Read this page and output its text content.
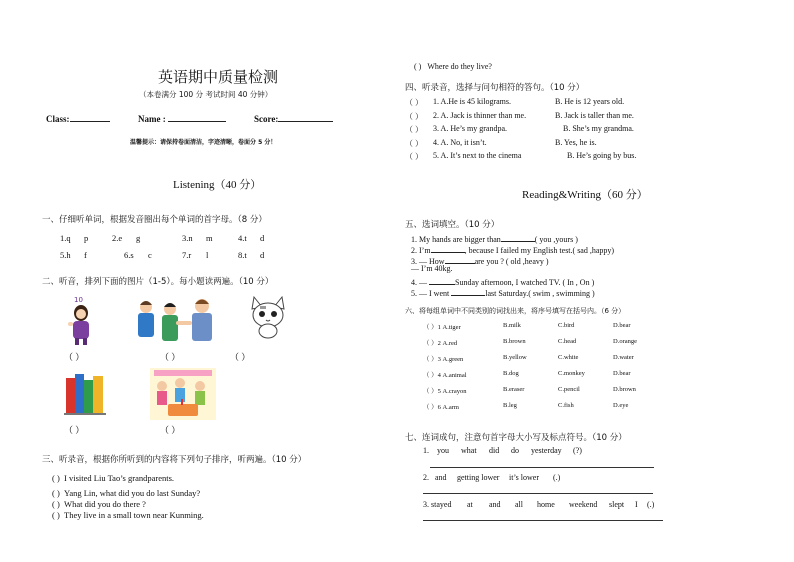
英语期中质量检测
（本卷满分 100 分 考试时间 40 分钟）
Class:	Name :	Score:
温馨提示：请保持卷面清洁，字迹清晰，卷面分 5 分！
Listening（40 分）
一、仔细听单词，根据发音圈出每个单词的首字母。（8 分）
1.q p	2.e g	3.n m	4.t d
5.h f	6.s c	7.r l	8.t d
二、听音，排列下面的图片（1-5）。每小题读两遍。（10 分）
10
（ ）	（ ）	（ ）
（ ）	（ ）
三、听录音，根据你所听到的内容将下列句子排序，听两遍。（10 分）
( ) I visited Liu Tao’s grandparents.
( ) Yang Lin, what did you do last Sunday?
( ) What did you do there ?
( ) They live in a small town near Kunming.
( ) Where do they live?
四、听录音，选择与问句相符的答句。（10 分）
（ ） 1. A.He is 45 kilograms.	B. He is 12 years old.
（ ） 2. A. Jack is thinner than me.	B. Jack is taller than me.
（ ） 3. A. He’s my grandpa.	B. She’s my grandma.
（ ） 4. A. No, it isn’t.	B. Yes, he is.
（ ） 5. A. It’s next to the cinema	B. He’s going by bus.
Reading&Writing（60 分）
五、选词填空。（10 分）
1. My hands are bigger than	( you ,yours )
2. I’m	, because I failed my English test.( sad ,happy)
3. — How	are you ? ( old ,heavy )
— I’m 40kg.
4. —	Sunday afternoon, I watched TV. ( In , On )
5. — I went	last Saturday.( swim , swimming )
六、将每组单词中不同类别的词找出来，将序号填写在括号内。（6 分）
（ ）1 A.tiger	B.milk	C.bird	D.bear
（ ）2 A.red	B.brown	C.head	D.orange
（ ）3 A.green	B.yellow	C.white	D.water
（ ）4 A.animal	B.dog	C.monkey	D.bear
（ ）5 A.crayon	B.eraser	C.pencil	D.brown
（ ）6 A.arm	B.leg	C.fish	D.eye
七、连词成句，注意句首字母大小写及标点符号。（10 分）
1. you what did do yesterday (?)
2. and getting lower it’s lower (.)
3. stayed at and all home weekend slept I (.)
